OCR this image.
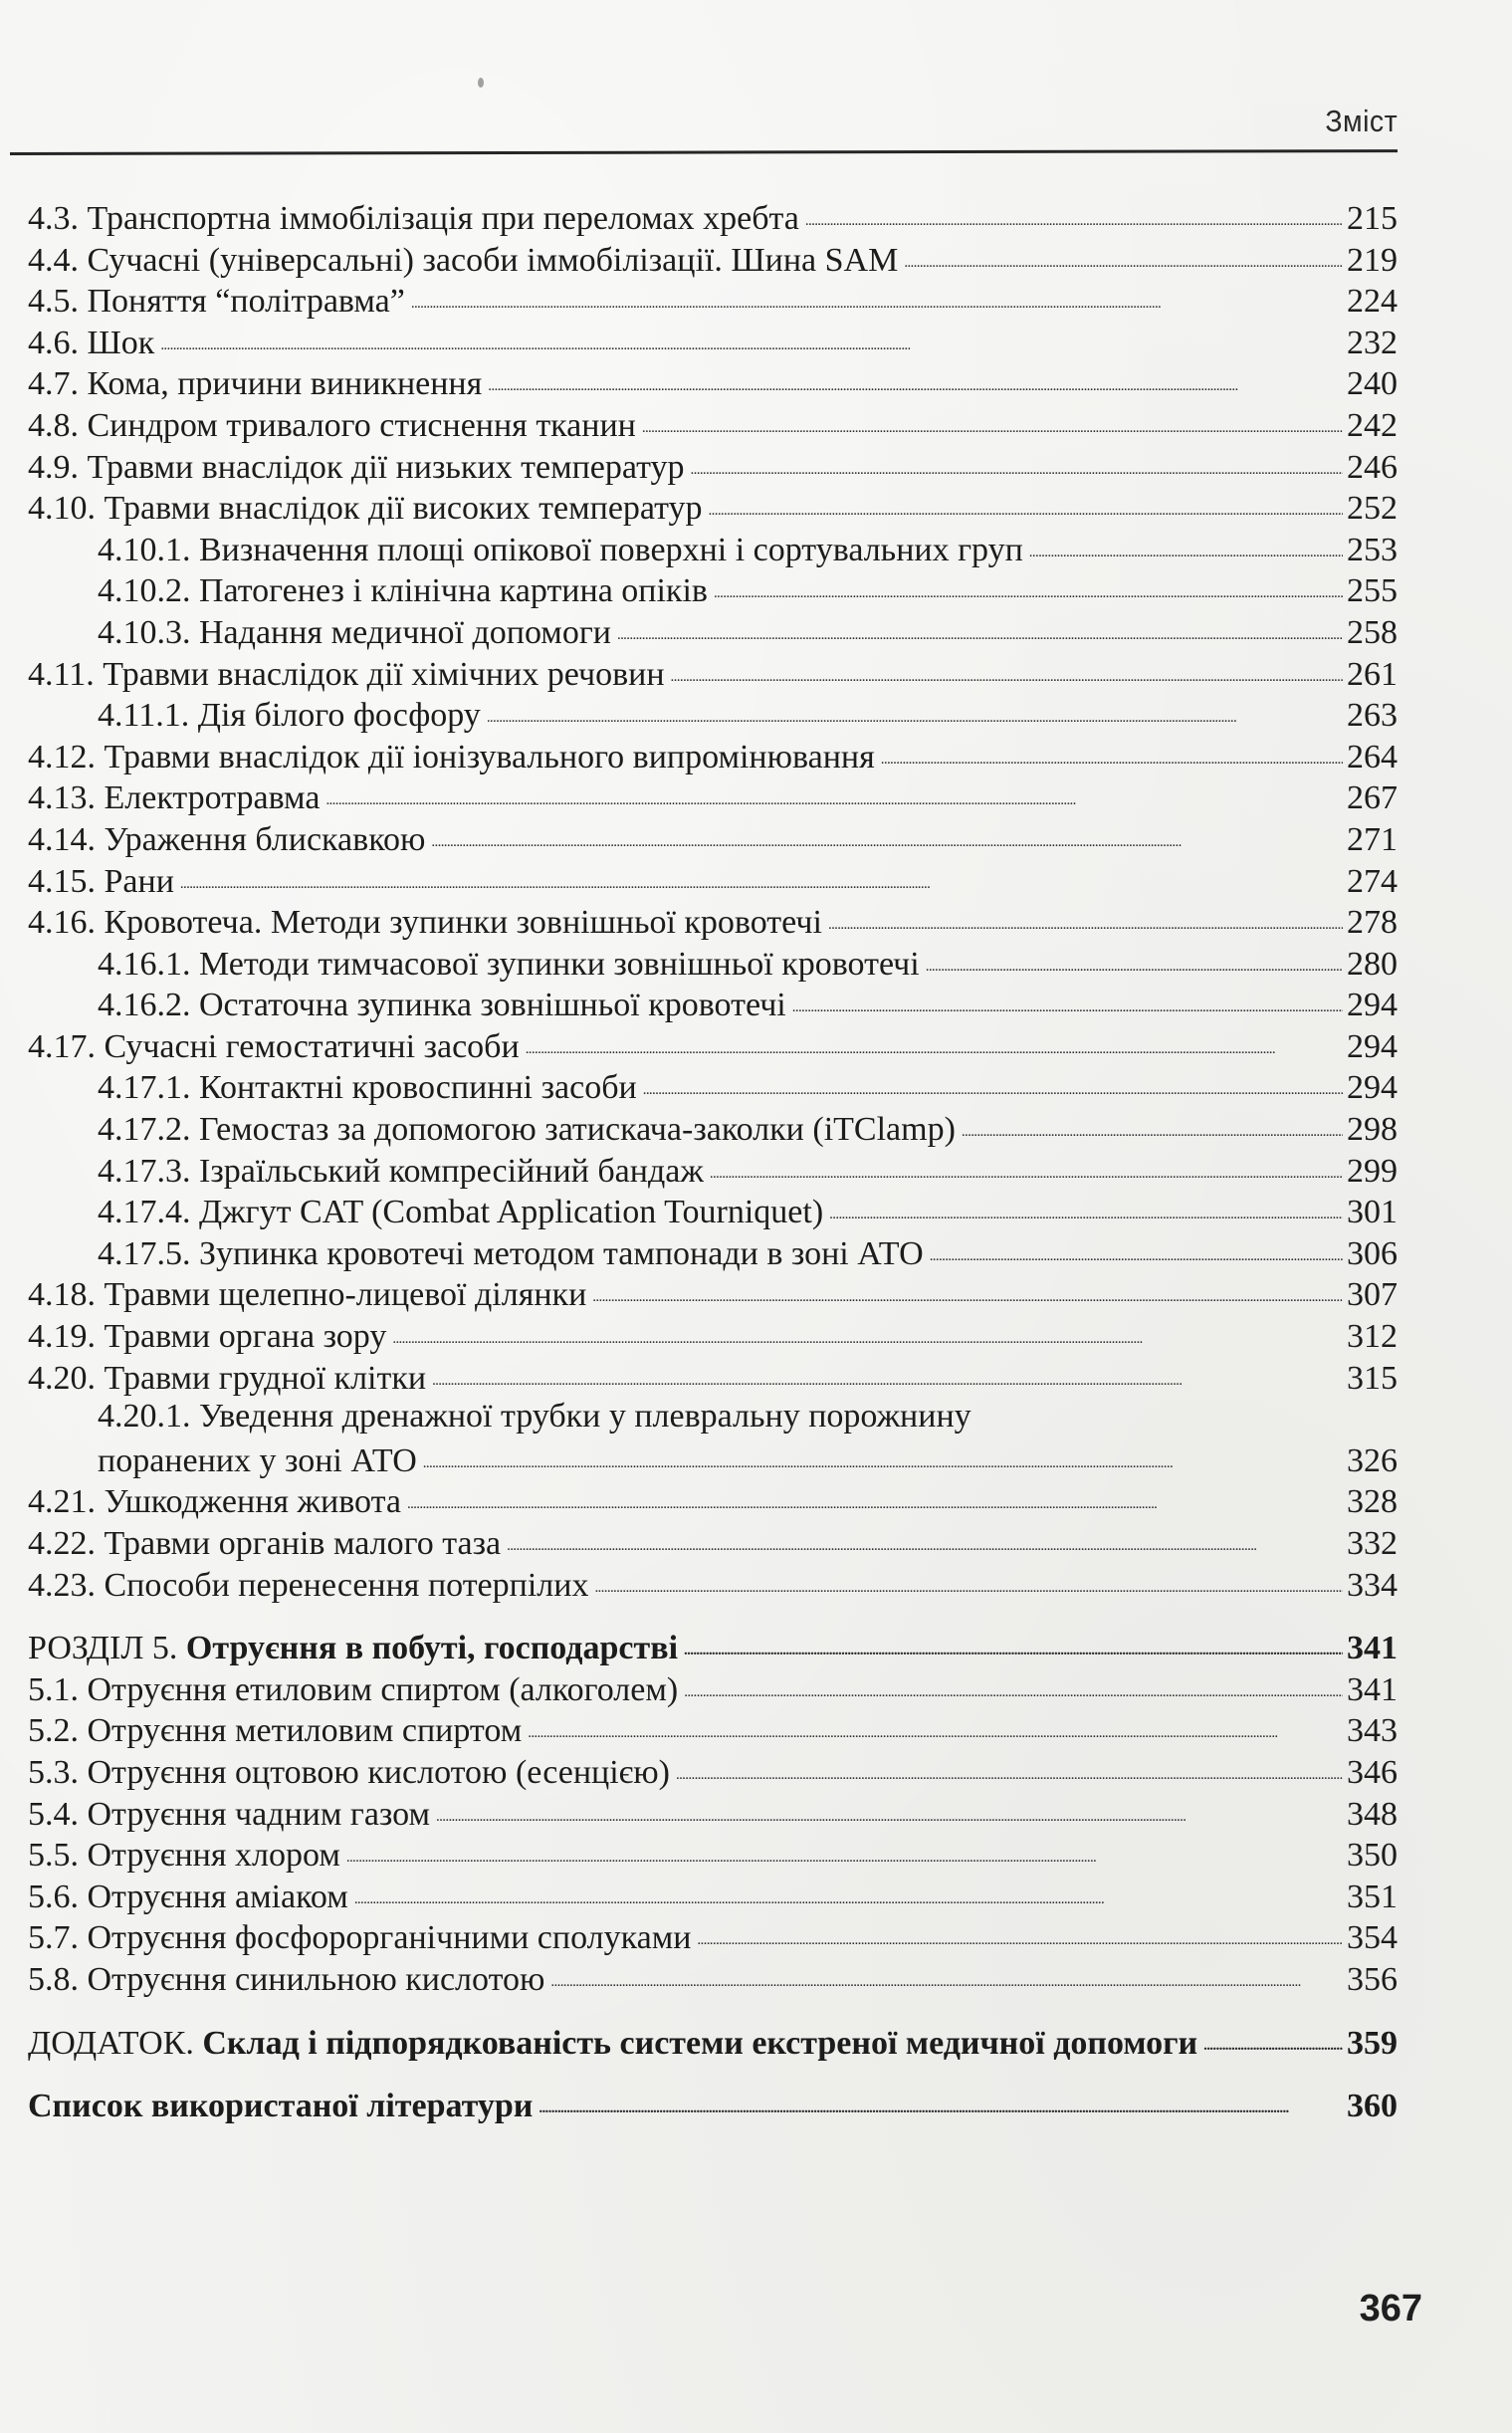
Зміст
4.3. Транспортна іммобілізація при переломах хребта . . .	215
4.4. Сучасні (універсальні) засоби іммобілізації. Шина SAM . . .	219
4.5. Поняття “політравма” . . .	224
4.6. Шок . . .	232
4.7. Кома, причини виникнення . . .	240
4.8. Синдром тривалого стиснення тканин . . .	242
4.9. Травми внаслідок дії низьких температур . . .	246
4.10. Травми внаслідок дії високих температур . . .	252
4.10.1. Визначення площі опікової поверхні і сортувальних груп . . .	253
4.10.2. Патогенез і клінічна картина опіків . . .	255
4.10.3. Надання медичної допомоги . . .	258
4.11. Травми внаслідок дії хімічних речовин . . .	261
4.11.1. Дія білого фосфору . . .	263
4.12. Травми внаслідок дії іонізувального випромінювання . . .	264
4.13. Електротравма . . .	267
4.14. Ураження блискавкою . . .	271
4.15. Рани . . .	274
4.16. Кровотеча. Методи зупинки зовнішньої кровотечі . . .	278
4.16.1. Методи тимчасової зупинки зовнішньої кровотечі . . .	280
4.16.2. Остаточна зупинка зовнішньої кровотечі . . .	294
4.17. Сучасні гемостатичні засоби . . .	294
4.17.1. Контактні кровоспинні засоби . . .	294
4.17.2. Гемостаз за допомогою затискача-заколки (iTClamp) . . .	298
4.17.3. Ізраїльський компресійний бандаж . . .	299
4.17.4. Джгут CAT (Combat Application Tourniquet) . . .	301
4.17.5. Зупинка кровотечі методом тампонади в зоні АТО . . .	306
4.18. Травми щелепно-лицевої ділянки . . .	307
4.19. Травми органа зору . . .	312
4.20. Травми грудної клітки . . .	315
4.20.1. Уведення дренажної трубки у плевральну порожнину
поранених у зоні АТО . . .	326
4.21. Ушкодження живота . . .	328
4.22. Травми органів малого таза . . .	332
4.23. Способи перенесення потерпілих . . .	334
РОЗДІЛ 5. Отруєння в побуті, господарстві . . .	341
5.1. Отруєння етиловим спиртом (алкоголем) . . .	341
5.2. Отруєння метиловим спиртом . . .	343
5.3. Отруєння оцтовою кислотою (есенцією) . . .	346
5.4. Отруєння чадним газом . . .	348
5.5. Отруєння хлором . . .	350
5.6. Отруєння аміаком . . .	351
5.7. Отруєння фосфорорганічними сполуками . . .	354
5.8. Отруєння синильною кислотою . . .	356
ДОДАТОК. Склад і підпорядкованість системи екстреної медичної допомоги . . .	359
Список використаної літератури . . .	360
367
